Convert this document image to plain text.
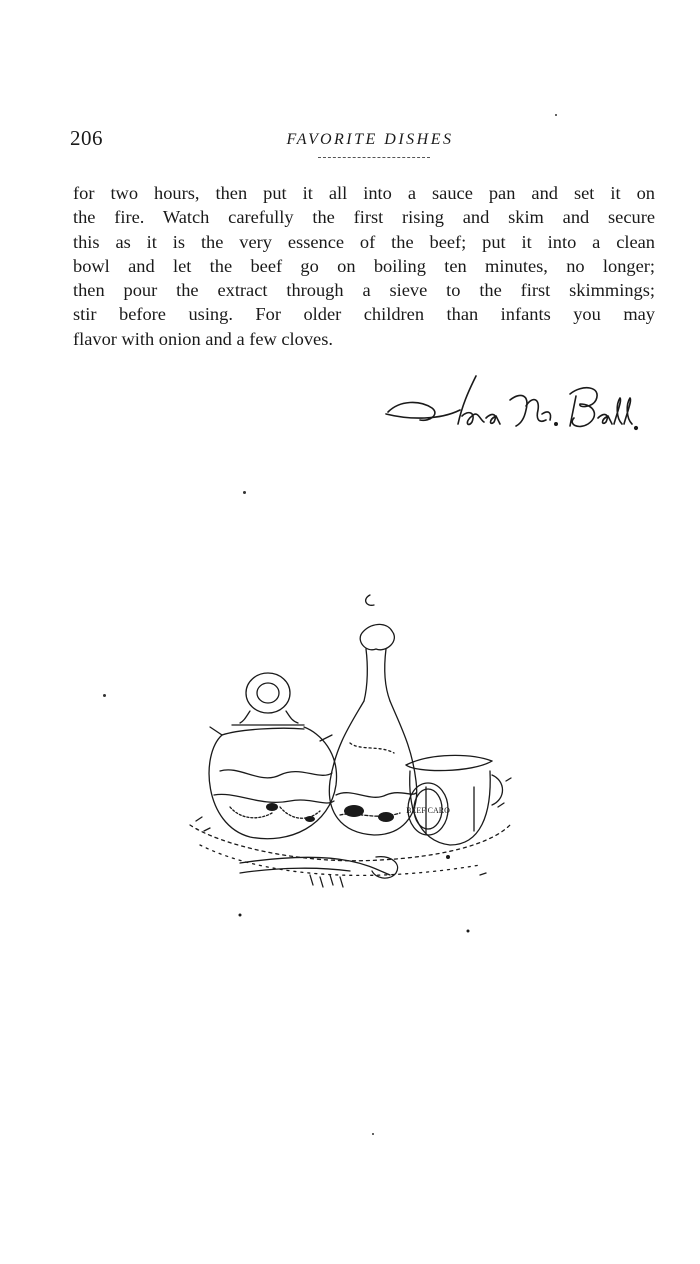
206	FAVORITE DISHES

for two hours, then put it all into a sauce pan and set it on
the fire. Watch carefully the first rising and skim and secure
this as it is the very essence of the beef; put it into a clean
bowl and let the beef go on boiling ten minutes, no longer;
then pour the extract through a sieve to the first skimmings;
stir before using. For older children than infants you may
flavor with onion and a few cloves.

BEEF CARO
